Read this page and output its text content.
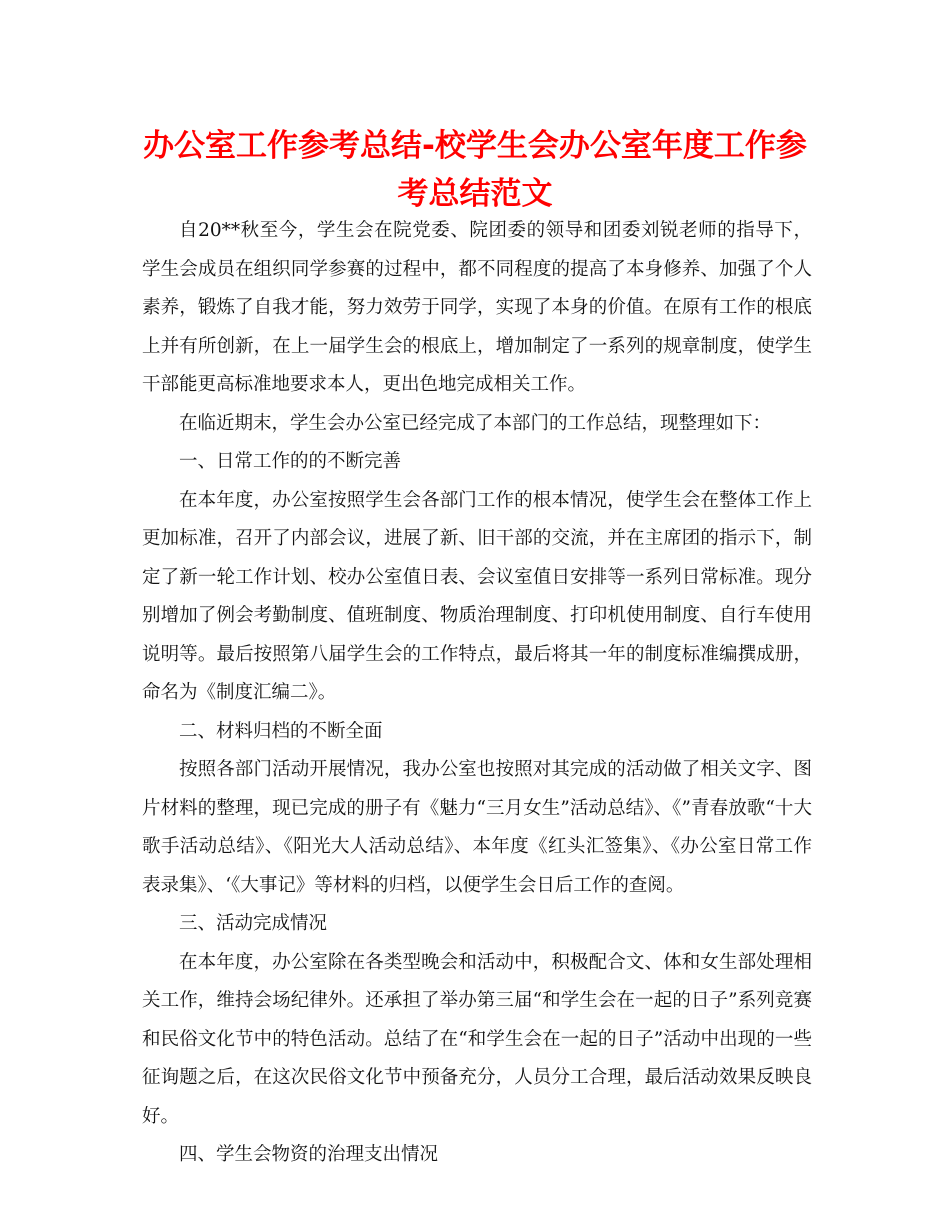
办公室工作参考总结-校学生会办公室年度工作参考总结范文

自20**秋至今，学生会在院党委、院团委的领导和团委刘锐老师的指导下，学生会成员在组织同学参赛的过程中，都不同程度的提高了本身修养、加强了个人素养，锻炼了自我才能，努力效劳于同学，实现了本身的价值。在原有工作的根底上并有所创新，在上一届学生会的根底上，增加制定了一系列的规章制度，使学生干部能更高标准地要求本人，更出色地完成相关工作。

在临近期末，学生会办公室已经完成了本部门的工作总结，现整理如下：

一、日常工作的的不断完善

在本年度，办公室按照学生会各部门工作的根本情况，使学生会在整体工作上更加标准，召开了内部会议，进展了新、旧干部的交流，并在主席团的指示下，制定了新一轮工作计划、校办公室值日表、会议室值日安排等一系列日常标准。现分别增加了例会考勤制度、值班制度、物质治理制度、打印机使用制度、自行车使用说明等。最后按照第八届学生会的工作特点，最后将其一年的制度标准编撰成册，命名为《制度汇编二》。

二、材料归档的不断全面

按照各部门活动开展情况，我办公室也按照对其完成的活动做了相关文字、图片材料的整理，现已完成的册子有《魅力“三月女生”活动总结》、《”青春放歌“十大歌手活动总结》、《阳光大人活动总结》、本年度《红头汇签集》、《办公室日常工作表录集》、‘《大事记》等材料的归档，以便学生会日后工作的查阅。

三、活动完成情况

在本年度，办公室除在各类型晚会和活动中，积极配合文、体和女生部处理相关工作，维持会场纪律外。还承担了举办第三届“和学生会在一起的日子”系列竞赛和民俗文化节中的特色活动。总结了在“和学生会在一起的日子”活动中出现的一些征询题之后，在这次民俗文化节中预备充分，人员分工合理，最后活动效果反映良好。

四、学生会物资的治理支出情况
